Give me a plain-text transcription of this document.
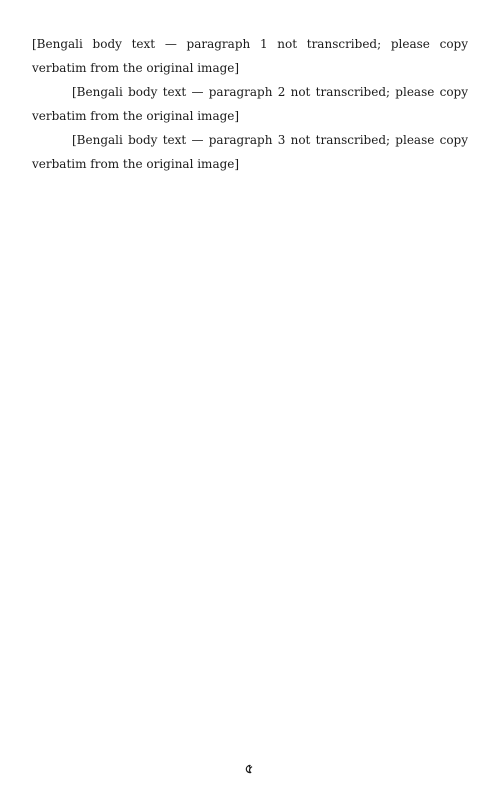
[Bengali body text — paragraph 1 not transcribed; please copy verbatim from the original image]

[Bengali body text — paragraph 2 not transcribed; please copy verbatim from the original image]

[Bengali body text — paragraph 3 not transcribed; please copy verbatim from the original image]

৫
